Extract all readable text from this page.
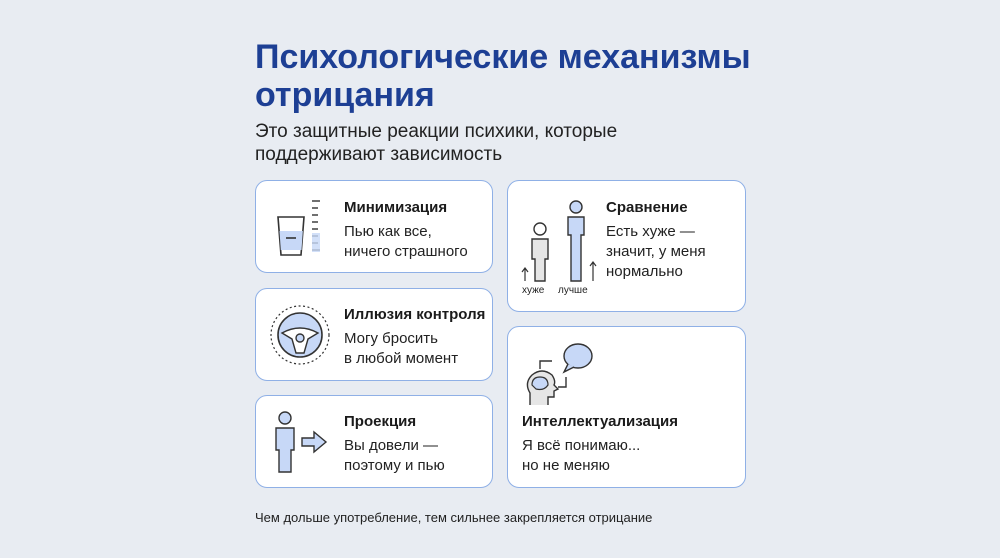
Психологические механизмы отрицания
Это защитные реакции психики, которые поддерживают зависимость
Минимизация
Пью как все,
ничего страшного
Иллюзия контроля
Могу бросить
в любой момент
Проекция
Вы довели —
поэтому и пью
хуже лучше
Сравнение
Есть хуже —
значит, у меня
нормально
Интеллектуализация
Я всё понимаю...
но не меняю
Чем дольше употребление, тем сильнее закрепляется отрицание
